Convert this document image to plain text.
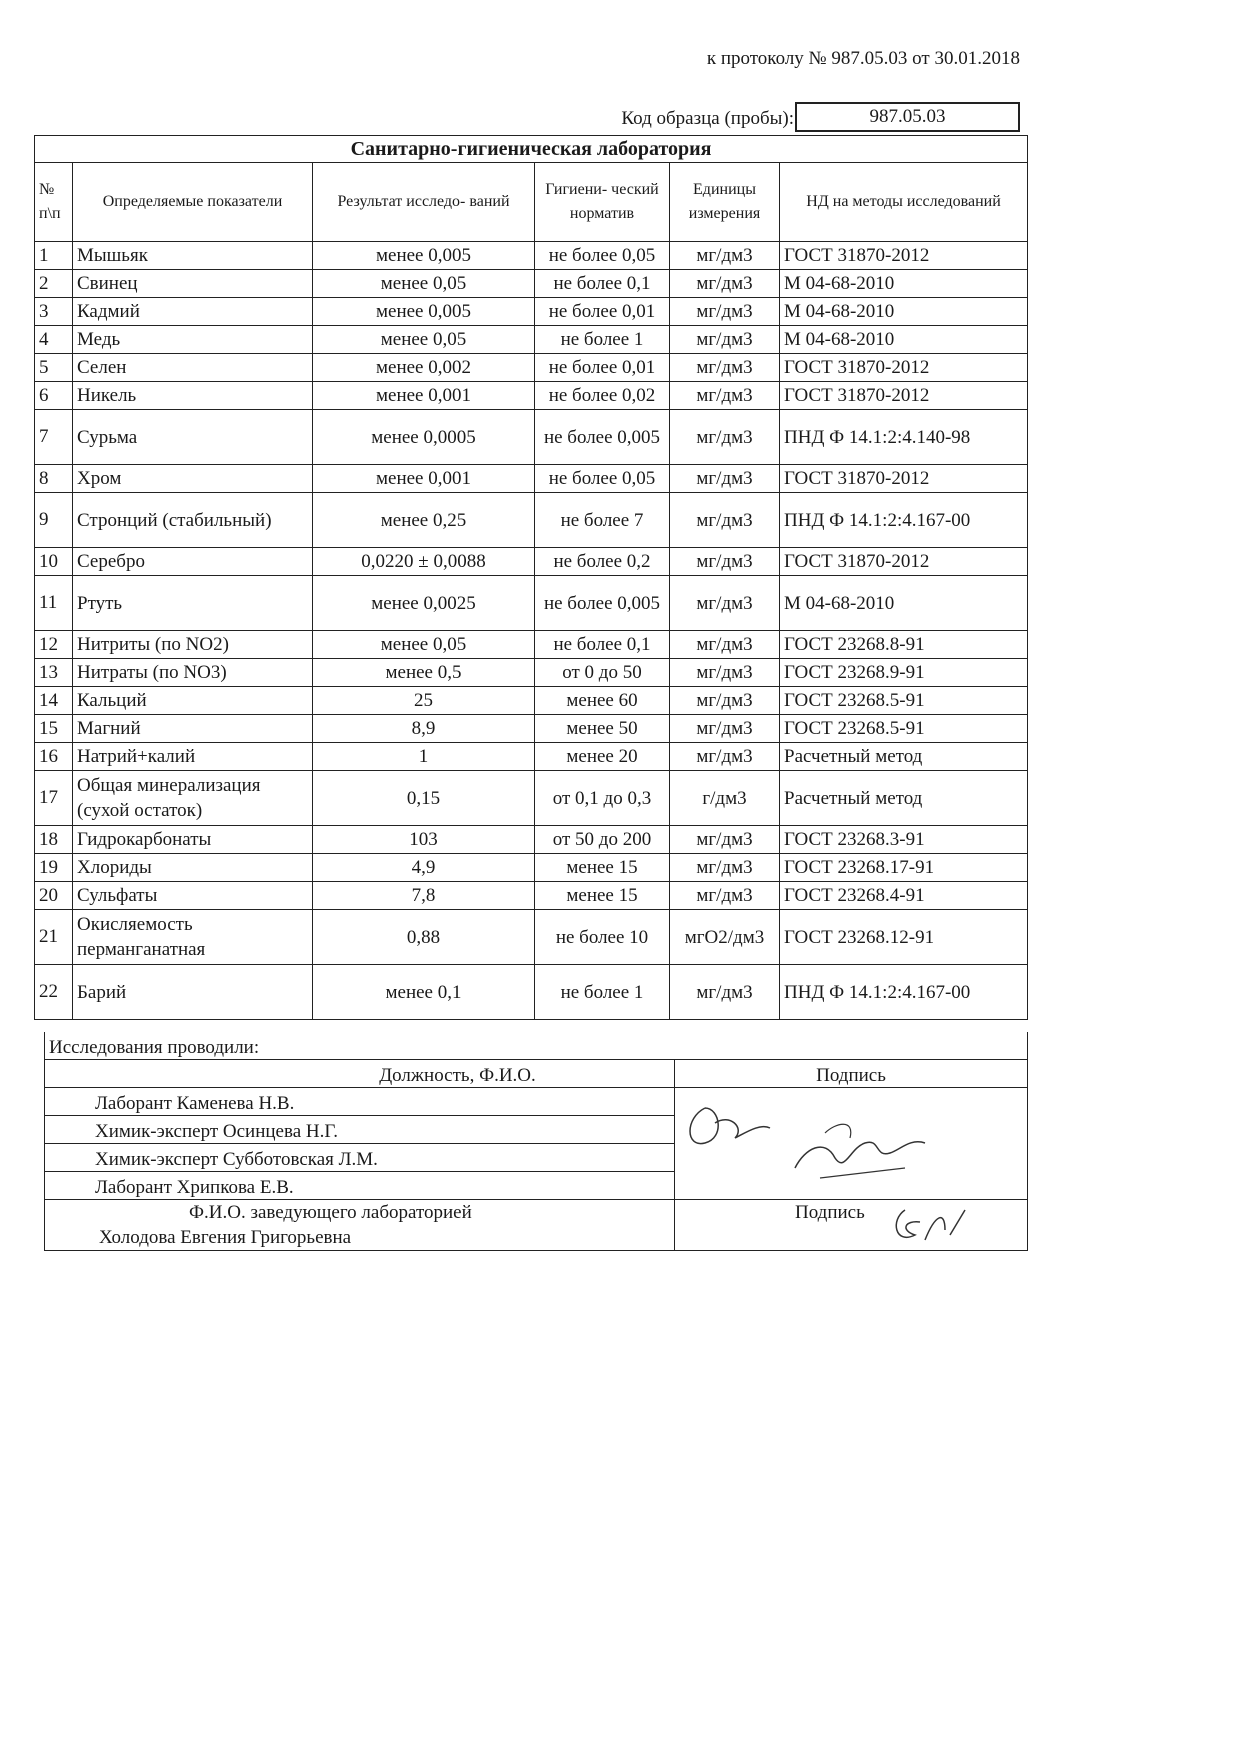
к протоколу № 987.05.03 от 30.01.2018
Код образца (пробы):	987.05.03
Санитарно-гигиеническая лаборатория					
№ п\п	Определяемые показатели	Результат исследо- ваний	Гигиени- ческий норматив	Единицы измерения	НД на методы исследований
1	Мышьяк	менее 0,005	не более 0,05	мг/дм3	ГОСТ 31870-2012
2	Свинец	менее 0,05	не более 0,1	мг/дм3	М 04-68-2010
3	Кадмий	менее 0,005	не более 0,01	мг/дм3	М 04-68-2010
4	Медь	менее 0,05	не более 1	мг/дм3	М 04-68-2010
5	Селен	менее 0,002	не более 0,01	мг/дм3	ГОСТ 31870-2012
6	Никель	менее 0,001	не более 0,02	мг/дм3	ГОСТ 31870-2012
7	Сурьма	менее 0,0005	не более 0,005	мг/дм3	ПНД Ф 14.1:2:4.140-98
8	Хром	менее 0,001	не более 0,05	мг/дм3	ГОСТ 31870-2012
9	Стронций (стабильный)	менее 0,25	не более 7	мг/дм3	ПНД Ф 14.1:2:4.167-00
10	Серебро	0,0220 ± 0,0088	не более 0,2	мг/дм3	ГОСТ 31870-2012
11	Ртуть	менее 0,0025	не более 0,005	мг/дм3	М 04-68-2010
12	Нитриты (по NO2)	менее 0,05	не более 0,1	мг/дм3	ГОСТ 23268.8-91
13	Нитраты (по NO3)	менее 0,5	от 0 до 50	мг/дм3	ГОСТ 23268.9-91
14	Кальций	25	менее 60	мг/дм3	ГОСТ 23268.5-91
15	Магний	8,9	менее 50	мг/дм3	ГОСТ 23268.5-91
16	Натрий+калий	1	менее 20	мг/дм3	Расчетный метод
17	Общая минерализация (сухой остаток)	0,15	от 0,1 до 0,3	г/дм3	Расчетный метод
18	Гидрокарбонаты	103	от 50 до 200	мг/дм3	ГОСТ 23268.3-91
19	Хлориды	4,9	менее 15	мг/дм3	ГОСТ 23268.17-91
20	Сульфаты	7,8	менее 15	мг/дм3	ГОСТ 23268.4-91
21	Окисляемость перманганатная	0,88	не более 10	мгО2/дм3	ГОСТ 23268.12-91
22	Барий	менее 0,1	не более 1	мг/дм3	ПНД Ф 14.1:2:4.167-00
Исследования проводили:	
Должность, Ф.И.О.	Подпись
Лаборант Каменева Н.В.	

Химик-эксперт Осинцева Н.Г.	
Химик-эксперт Субботовская Л.М.	
Лаборант Хрипкова Е.В.	

Ф.И.О. заведующего лабораторией
Холодова Евгения Григорьевна	Подпись
